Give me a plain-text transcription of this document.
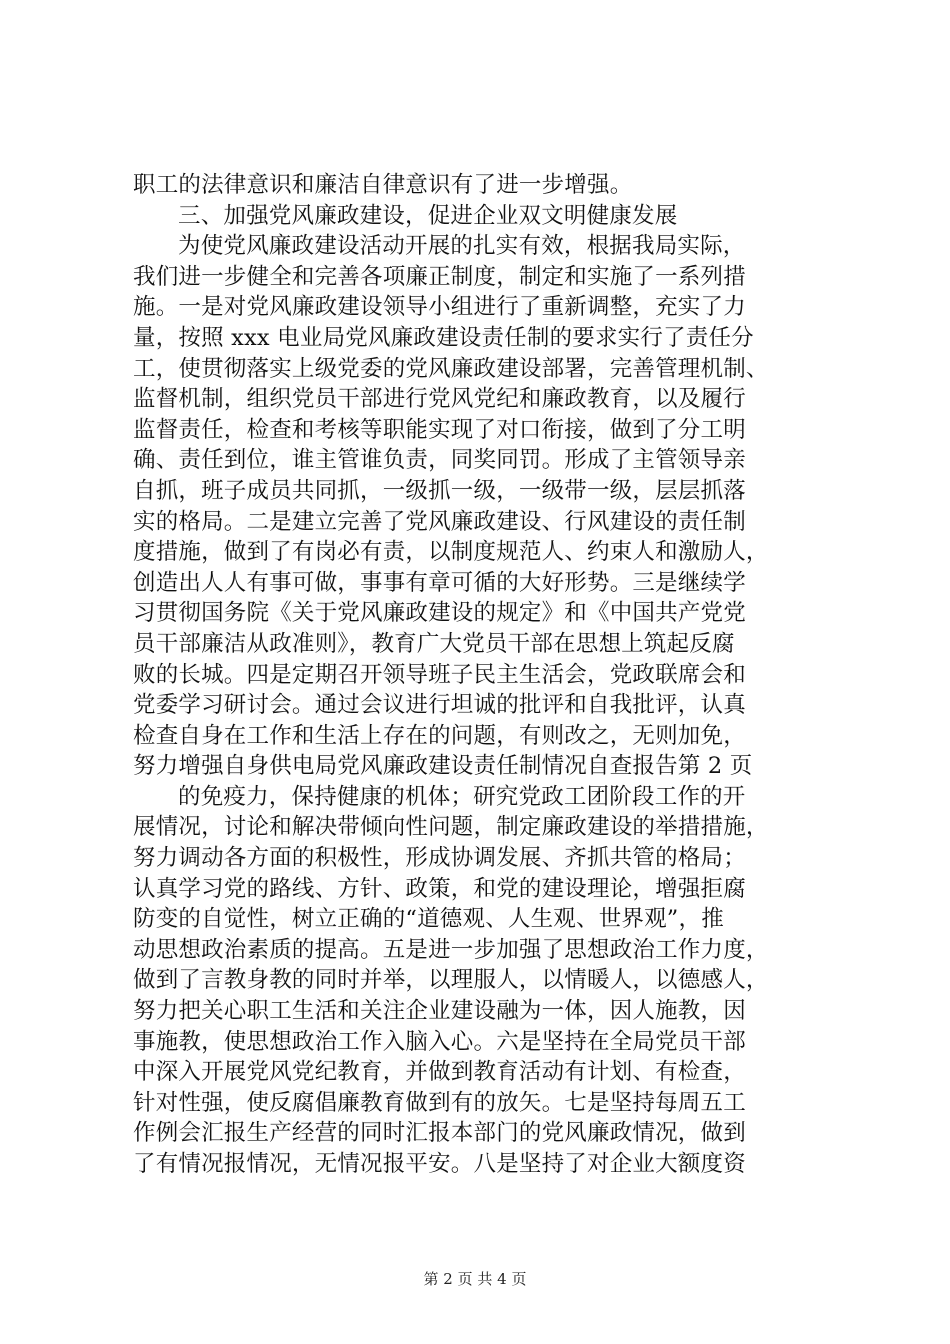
职工的法律意识和廉洁自律意识有了进一步增强。
三、加强党风廉政建设，促进企业双文明健康发展
为使党风廉政建设活动开展的扎实有效，根据我局实际，
我们进一步健全和完善各项廉正制度，制定和实施了一系列措
施。一是对党风廉政建设领导小组进行了重新调整，充实了力
量，按照 xxx 电业局党风廉政建设责任制的要求实行了责任分
工，使贯彻落实上级党委的党风廉政建设部署，完善管理机制、
监督机制，组织党员干部进行党风党纪和廉政教育，以及履行
监督责任，检查和考核等职能实现了对口衔接，做到了分工明
确、责任到位，谁主管谁负责，同奖同罚。形成了主管领导亲
自抓，班子成员共同抓，一级抓一级，一级带一级，层层抓落
实的格局。二是建立完善了党风廉政建设、行风建设的责任制
度措施，做到了有岗必有责，以制度规范人、约束人和激励人，
创造出人人有事可做，事事有章可循的大好形势。三是继续学
习贯彻国务院《关于党风廉政建设的规定》和《中国共产党党
员干部廉洁从政准则》，教育广大党员干部在思想上筑起反腐
败的长城。四是定期召开领导班子民主生活会，党政联席会和
党委学习研讨会。通过会议进行坦诚的批评和自我批评，认真
检查自身在工作和生活上存在的问题，有则改之，无则加免，
努力增强自身供电局党风廉政建设责任制情况自查报告第 2 页
的免疫力，保持健康的机体；研究党政工团阶段工作的开
展情况，讨论和解决带倾向性问题，制定廉政建设的举措措施，
努力调动各方面的积极性，形成协调发展、齐抓共管的格局；
认真学习党的路线、方针、政策，和党的建设理论，增强拒腐
防变的自觉性，树立正确的“道德观、人生观、世界观”，推
动思想政治素质的提高。五是进一步加强了思想政治工作力度，
做到了言教身教的同时并举，以理服人，以情暖人，以德感人，
努力把关心职工生活和关注企业建设融为一体，因人施教，因
事施教，使思想政治工作入脑入心。六是坚持在全局党员干部
中深入开展党风党纪教育，并做到教育活动有计划、有检查，
针对性强，使反腐倡廉教育做到有的放矢。七是坚持每周五工
作例会汇报生产经营的同时汇报本部门的党风廉政情况，做到
了有情况报情况，无情况报平安。八是坚持了对企业大额度资
第 2 页 共 4 页
